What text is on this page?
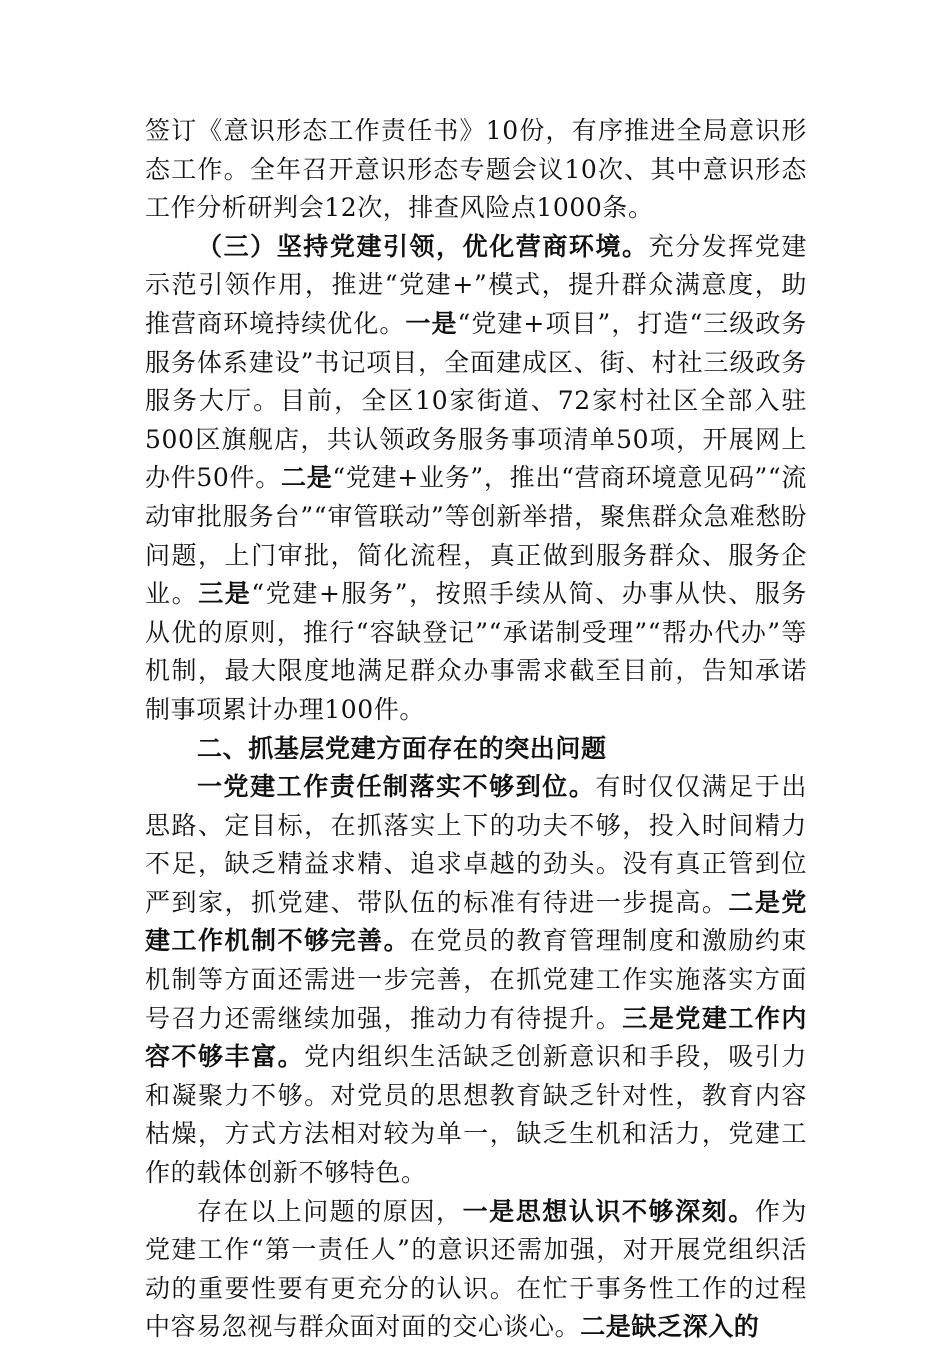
签订《意识形态工作责任书》10份，有序推进全局意识形态工作。全年召开意识形态专题会议10次、其中意识形态工作分析研判会12次，排查风险点1000条。

（三）坚持党建引领，优化营商环境。充分发挥党建示范引领作用，推进“党建+”模式，提升群众满意度，助推营商环境持续优化。一是“党建+项目”，打造“三级政务服务体系建设”书记项目，全面建成区、街、村社三级政务服务大厅。目前，全区10家街道、72家村社区全部入驻500区旗舰店，共认领政务服务事项清单50项，开展网上办件50件。二是“党建+业务”，推出“营商环境意见码”“流动审批服务台”“审管联动”等创新举措，聚焦群众急难愁盼问题，上门审批，简化流程，真正做到服务群众、服务企业。三是“党建+服务”，按照手续从简、办事从快、服务从优的原则，推行“容缺登记”“承诺制受理”“帮办代办”等机制，最大限度地满足群众办事需求截至目前，告知承诺制事项累计办理100件。

二、抓基层党建方面存在的突出问题

一党建工作责任制落实不够到位。有时仅仅满足于出思路、定目标，在抓落实上下的功夫不够，投入时间精力不足，缺乏精益求精、追求卓越的劲头。没有真正管到位严到家，抓党建、带队伍的标准有待进一步提高。二是党建工作机制不够完善。在党员的教育管理制度和激励约束机制等方面还需进一步完善，在抓党建工作实施落实方面号召力还需继续加强，推动力有待提升。三是党建工作内容不够丰富。党内组织生活缺乏创新意识和手段，吸引力和凝聚力不够。对党员的思想教育缺乏针对性，教育内容枯燥，方式方法相对较为单一，缺乏生机和活力，党建工作的载体创新不够特色。

存在以上问题的原因，一是思想认识不够深刻。作为党建工作“第一责任人”的意识还需加强，对开展党组织活动的重要性要有更充分的认识。在忙于事务性工作的过程中容易忽视与群众面对面的交心谈心。二是缺乏深入的
